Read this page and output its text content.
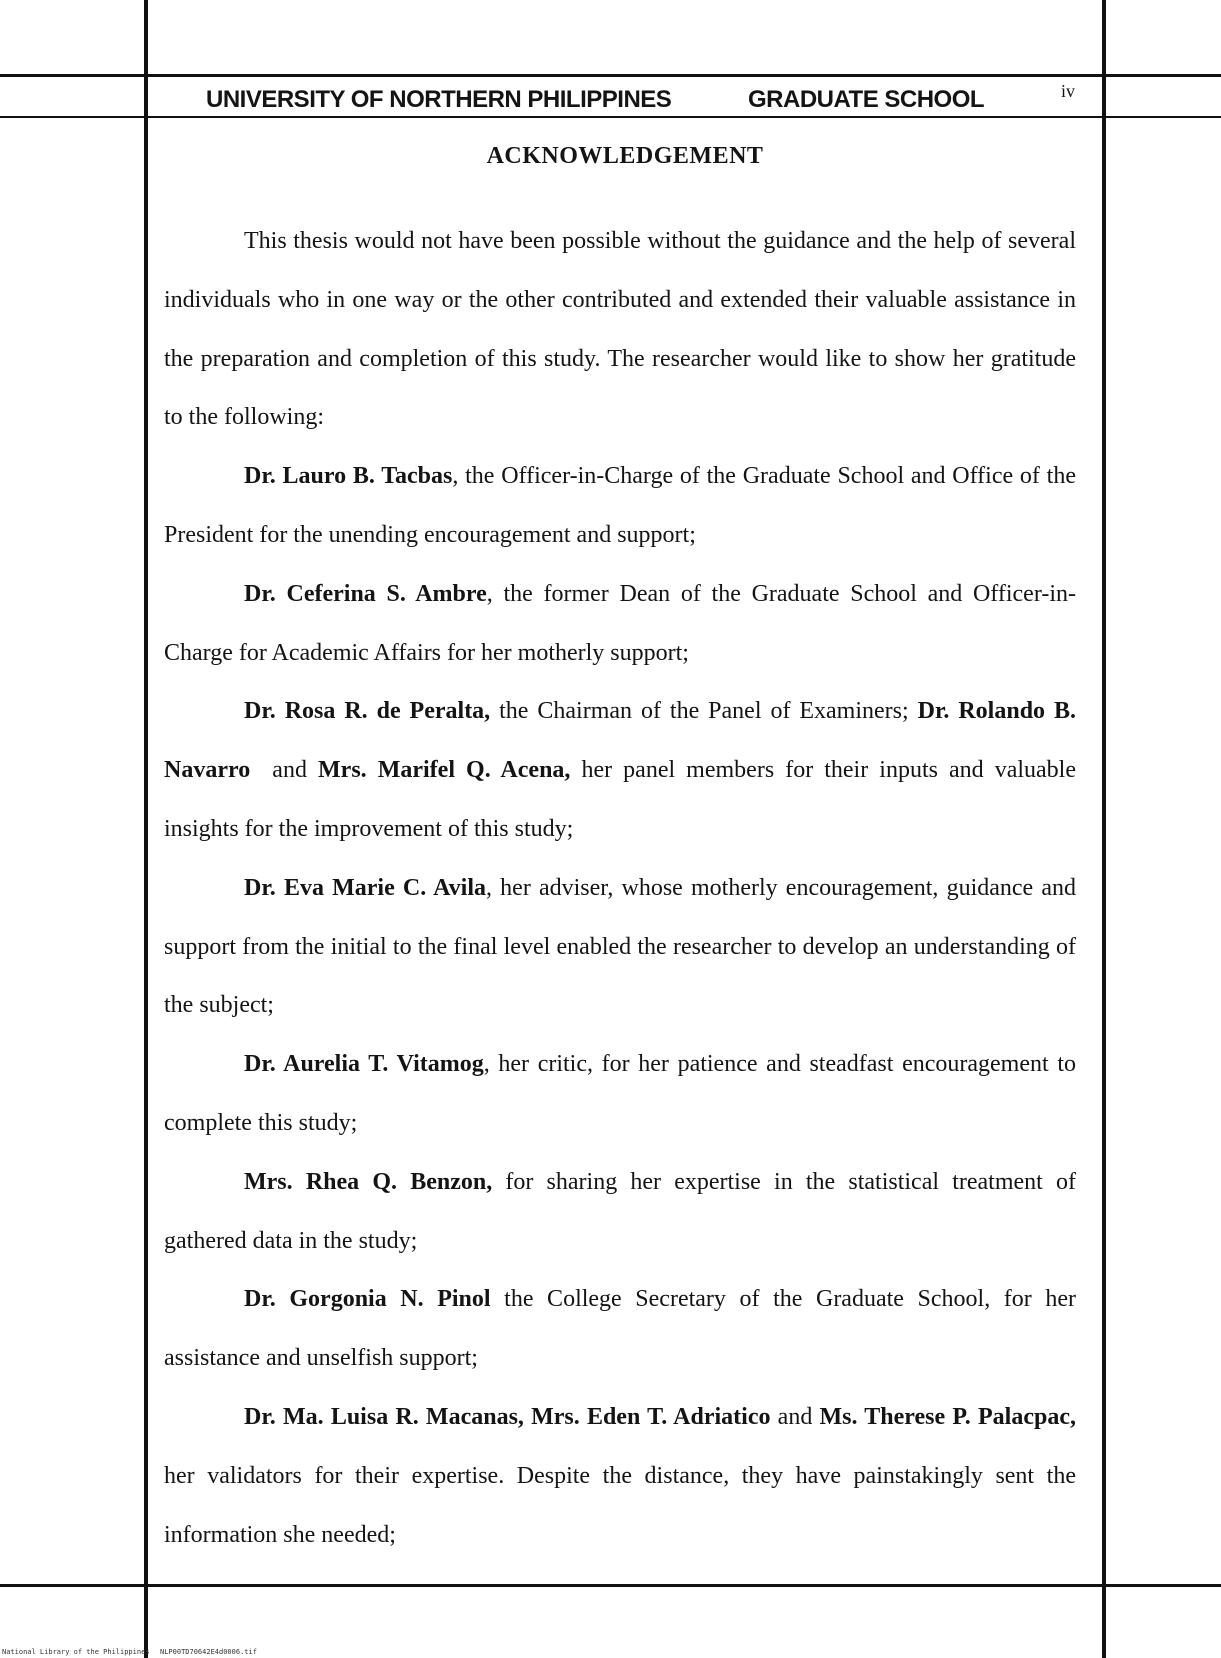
UNIVERSITY OF NORTHERN PHILIPPINES	GRADUATE SCHOOL	iv
ACKNOWLEDGEMENT

This thesis would not have been possible without the guidance and the help of several individuals who in one way or the other contributed and extended their valuable assistance in the preparation and completion of this study. The researcher would like to show her gratitude to the following:

Dr. Lauro B. Tacbas, the Officer-in-Charge of the Graduate School and Office of the President for the unending encouragement and support;

Dr. Ceferina S. Ambre, the former Dean of the Graduate School and Officer-in-Charge for Academic Affairs for her motherly support;

Dr. Rosa R. de Peralta, the Chairman of the Panel of Examiners; Dr. Rolando B. Navarro  and Mrs. Marifel Q. Acena, her panel members for their inputs and valuable insights for the improvement of this study;

Dr. Eva Marie C. Avila, her adviser, whose motherly encouragement, guidance and support from the initial to the final level enabled the researcher to develop an understanding of the subject;

Dr. Aurelia T. Vitamog, her critic, for her patience and steadfast encouragement to complete this study;

Mrs. Rhea Q. Benzon, for sharing her expertise in the statistical treatment of gathered data in the study;

Dr. Gorgonia N. Pinol the College Secretary of the Graduate School, for her assistance and unselfish support;

Dr. Ma. Luisa R. Macanas, Mrs. Eden T. Adriatico and Ms. Therese P. Palacpac, her validators for their expertise. Despite the distance, they have painstakingly sent the information she needed;

National Library of the Philippines NLP00TD70642E4d0006.tif
